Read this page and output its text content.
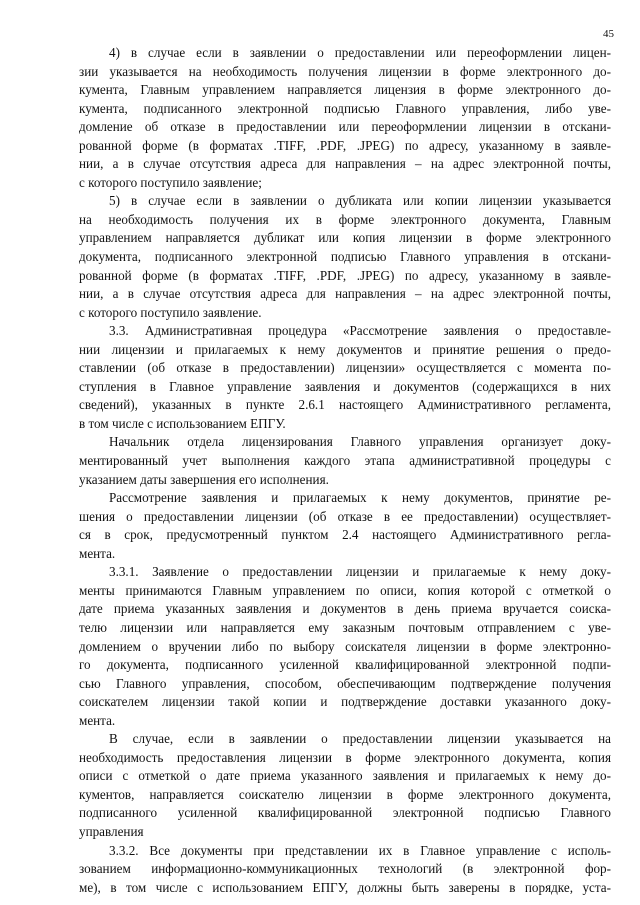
45

4) в случае если в заявлении о предоставлении или переоформлении лицен-
зии указывается на необходимость получения лицензии в форме электронного до-
кумента, Главным управлением направляется лицензия в форме электронного до-
кумента, подписанного электронной подписью Главного управления, либо уве-
домление об отказе в предоставлении или переоформлении лицензии в отскани-
рованной форме (в форматах .TIFF, .PDF, .JPEG) по адресу, указанному в заявле-
нии, а в случае отсутствия адреса для направления – на адрес электронной почты,
с которого поступило заявление;

5) в случае если в заявлении о дубликата или копии лицензии указывается
на необходимость получения их в форме электронного документа, Главным
управлением направляется дубликат или копия лицензии в форме электронного
документа, подписанного электронной подписью Главного управления в отскани-
рованной форме (в форматах .TIFF, .PDF, .JPEG) по адресу, указанному в заявле-
нии, а в случае отсутствия адреса для направления – на адрес электронной почты,
с которого поступило заявление.

3.3. Административная процедура «Рассмотрение заявления о предоставле-
нии лицензии и прилагаемых к нему документов и принятие решения о предо-
ставлении (об отказе в предоставлении) лицензии» осуществляется с момента по-
ступления в Главное управление заявления и документов (содержащихся в них
сведений), указанных в пункте 2.6.1 настоящего Административного регламента,
в том числе с использованием ЕПГУ.

Начальник отдела лицензирования Главного управления организует доку-
ментированный учет выполнения каждого этапа административной процедуры с
указанием даты завершения его исполнения.

Рассмотрение заявления и прилагаемых к нему документов, принятие ре-
шения о предоставлении лицензии (об отказе в ее предоставлении) осуществляет-
ся в срок, предусмотренный пунктом 2.4 настоящего Административного регла-
мента.

3.3.1. Заявление о предоставлении лицензии и прилагаемые к нему доку-
менты принимаются Главным управлением по описи, копия которой с отметкой о
дате приема указанных заявления и документов в день приема вручается соиска-
телю лицензии или направляется ему заказным почтовым отправлением с уве-
домлением о вручении либо по выбору соискателя лицензии в форме электронно-
го документа, подписанного усиленной квалифицированной электронной подпи-
сью Главного управления, способом, обеспечивающим подтверждение получения
соискателем лицензии такой копии и подтверждение доставки указанного доку-
мента.

В случае, если в заявлении о предоставлении лицензии указывается на
необходимость предоставления лицензии в форме электронного документа, копия
описи с отметкой о дате приема указанного заявления и прилагаемых к нему до-
кументов, направляется соискателю лицензии в форме электронного документа,
подписанного усиленной квалифицированной электронной подписью Главного
управления

3.3.2. Все документы при представлении их в Главное управление с исполь-
зованием информационно-коммуникационных технологий (в электронной фор-
ме), в том числе с использованием ЕПГУ, должны быть заверены в порядке, уста-
